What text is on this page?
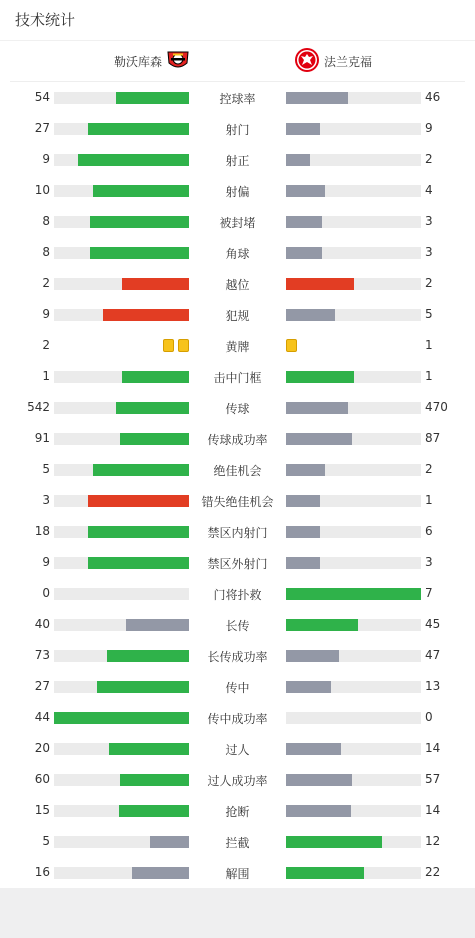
技术统计
勒沃库森	法兰克福
54	控球率	46
27	射门	9
9	射正	2
10	射偏	4
8	被封堵	3
8	角球	3
2	越位	2
9	犯规	5
2	黄牌	1
1	击中门框	1
542	传球	470
91	传球成功率	87
5	绝佳机会	2
3	错失绝佳机会	1
18	禁区内射门	6
9	禁区外射门	3
0	门将扑救	7
40	长传	45
73	长传成功率	47
27	传中	13
44	传中成功率	0
20	过人	14
60	过人成功率	57
15	抢断	14
5	拦截	12
16	解围	22
